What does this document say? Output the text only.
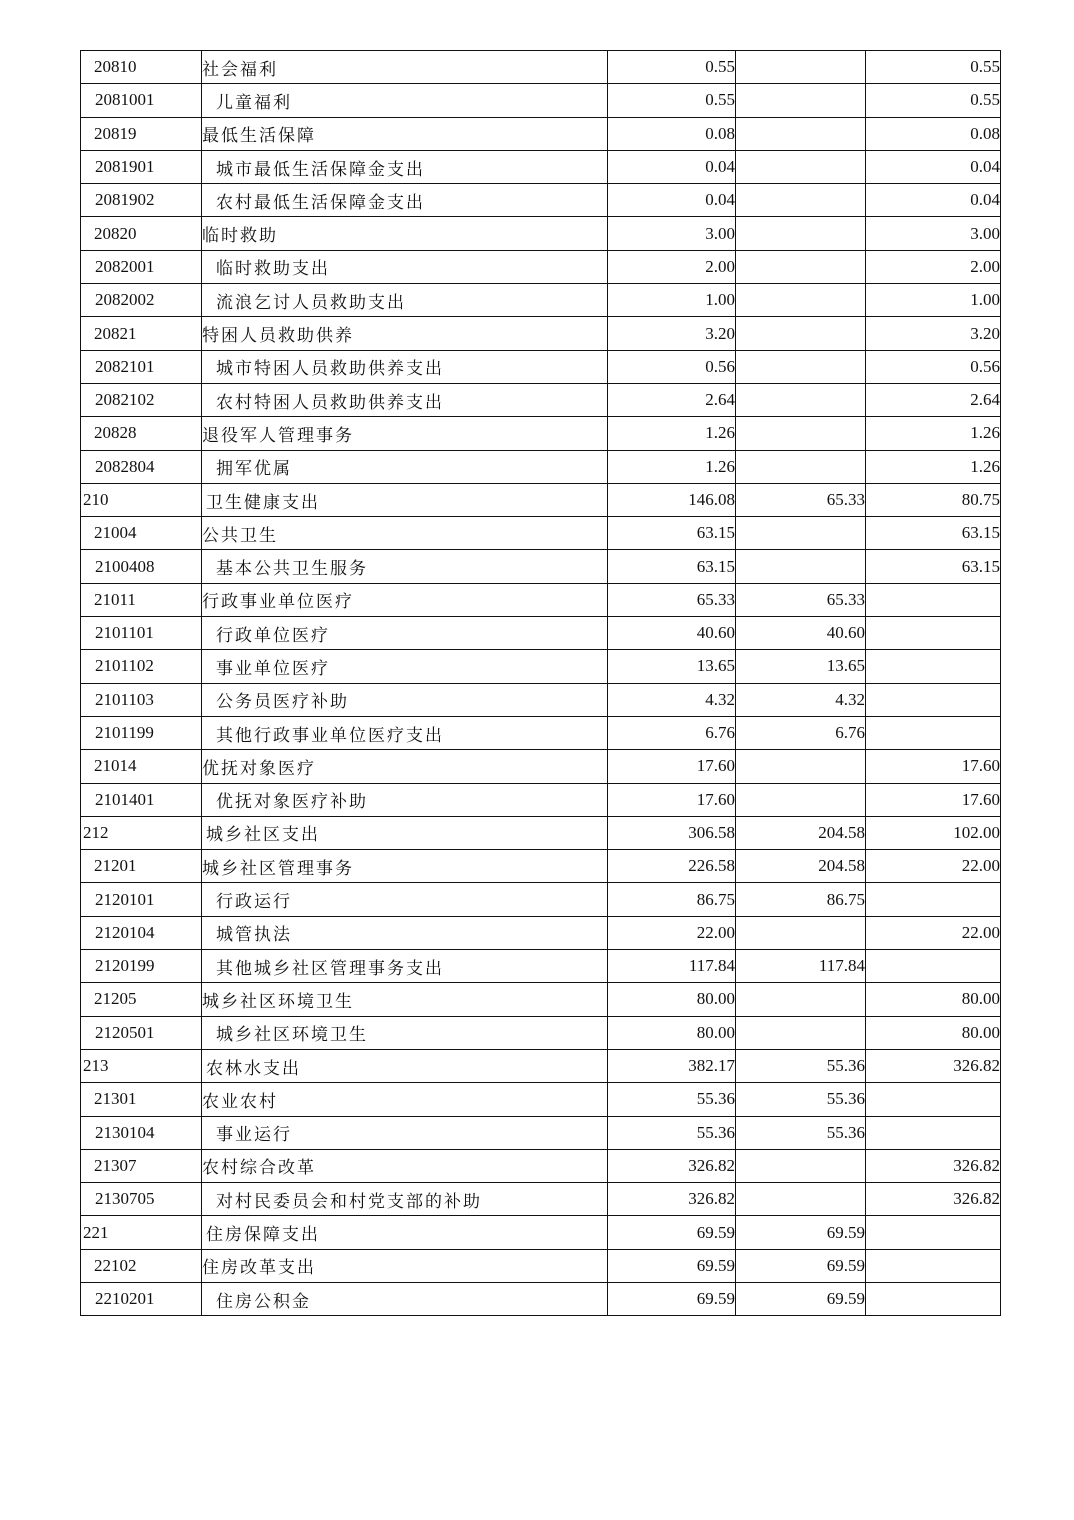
20810	社会福利	0.55		0.55
2081001	儿童福利	0.55		0.55
20819	最低生活保障	0.08		0.08
2081901	城市最低生活保障金支出	0.04		0.04
2081902	农村最低生活保障金支出	0.04		0.04
20820	临时救助	3.00		3.00
2082001	临时救助支出	2.00		2.00
2082002	流浪乞讨人员救助支出	1.00		1.00
20821	特困人员救助供养	3.20		3.20
2082101	城市特困人员救助供养支出	0.56		0.56
2082102	农村特困人员救助供养支出	2.64		2.64
20828	退役军人管理事务	1.26		1.26
2082804	拥军优属	1.26		1.26
210	卫生健康支出	146.08	65.33	80.75
21004	公共卫生	63.15		63.15
2100408	基本公共卫生服务	63.15		63.15
21011	行政事业单位医疗	65.33	65.33	
2101101	行政单位医疗	40.60	40.60	
2101102	事业单位医疗	13.65	13.65	
2101103	公务员医疗补助	4.32	4.32	
2101199	其他行政事业单位医疗支出	6.76	6.76	
21014	优抚对象医疗	17.60		17.60
2101401	优抚对象医疗补助	17.60		17.60
212	城乡社区支出	306.58	204.58	102.00
21201	城乡社区管理事务	226.58	204.58	22.00
2120101	行政运行	86.75	86.75	
2120104	城管执法	22.00		22.00
2120199	其他城乡社区管理事务支出	117.84	117.84	
21205	城乡社区环境卫生	80.00		80.00
2120501	城乡社区环境卫生	80.00		80.00
213	农林水支出	382.17	55.36	326.82
21301	农业农村	55.36	55.36	
2130104	事业运行	55.36	55.36	
21307	农村综合改革	326.82		326.82
2130705	对村民委员会和村党支部的补助	326.82		326.82
221	住房保障支出	69.59	69.59	
22102	住房改革支出	69.59	69.59	
2210201	住房公积金	69.59	69.59	
